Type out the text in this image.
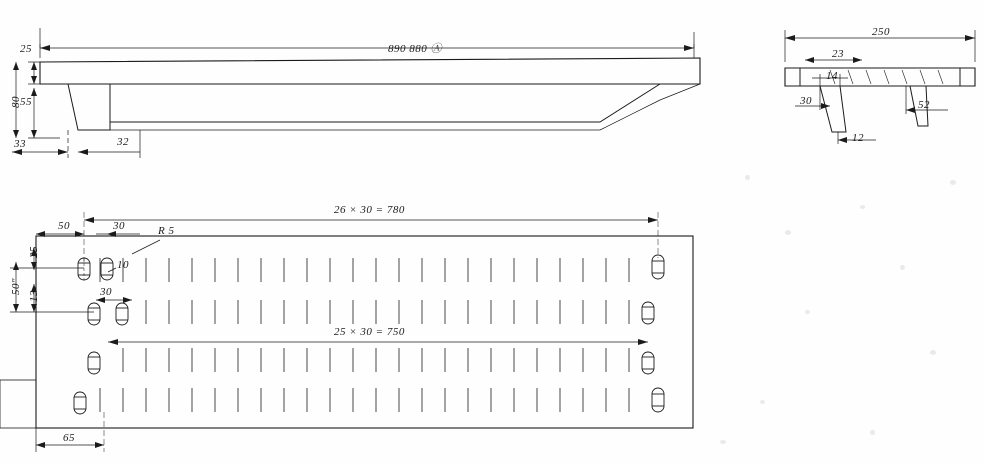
890 880 Ⓐ
25
55
80
33	32
250
23
14
30	52
12
26 × 30 = 780
25 × 30 = 750
50	30	R 5
10
25
13
50″	30
65
